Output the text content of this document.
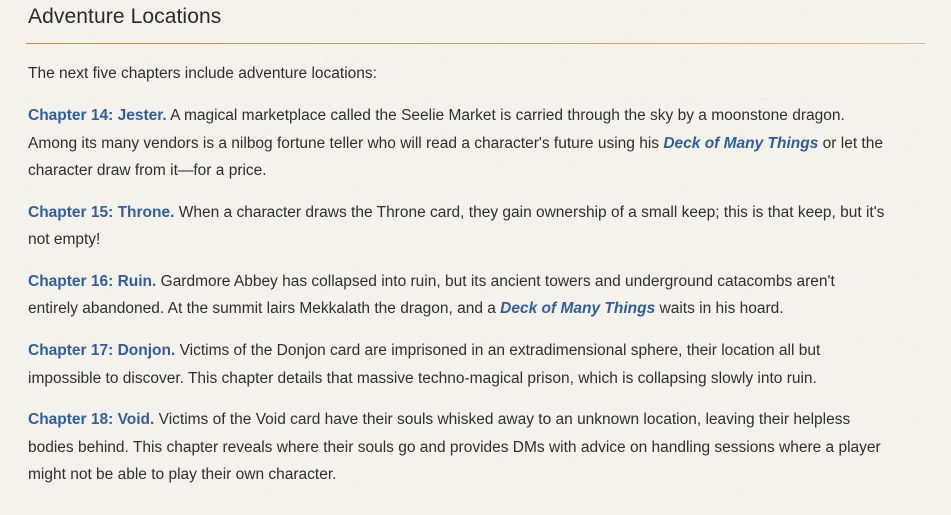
Adventure Locations

The next five chapters include adventure locations:

Chapter 14: Jester. A magical marketplace called the Seelie Market is carried through the sky by a moonstone dragon. Among its many vendors is a nilbog fortune teller who will read a character's future using his Deck of Many Things or let the character draw from it—for a price.

Chapter 15: Throne. When a character draws the Throne card, they gain ownership of a small keep; this is that keep, but it's not empty!

Chapter 16: Ruin. Gardmore Abbey has collapsed into ruin, but its ancient towers and underground catacombs aren't entirely abandoned. At the summit lairs Mekkalath the dragon, and a Deck of Many Things waits in his hoard.

Chapter 17: Donjon. Victims of the Donjon card are imprisoned in an extradimensional sphere, their location all but impossible to discover. This chapter details that massive techno-magical prison, which is collapsing slowly into ruin.

Chapter 18: Void. Victims of the Void card have their souls whisked away to an unknown location, leaving their helpless bodies behind. This chapter reveals where their souls go and provides DMs with advice on handling sessions where a player might not be able to play their own character.
